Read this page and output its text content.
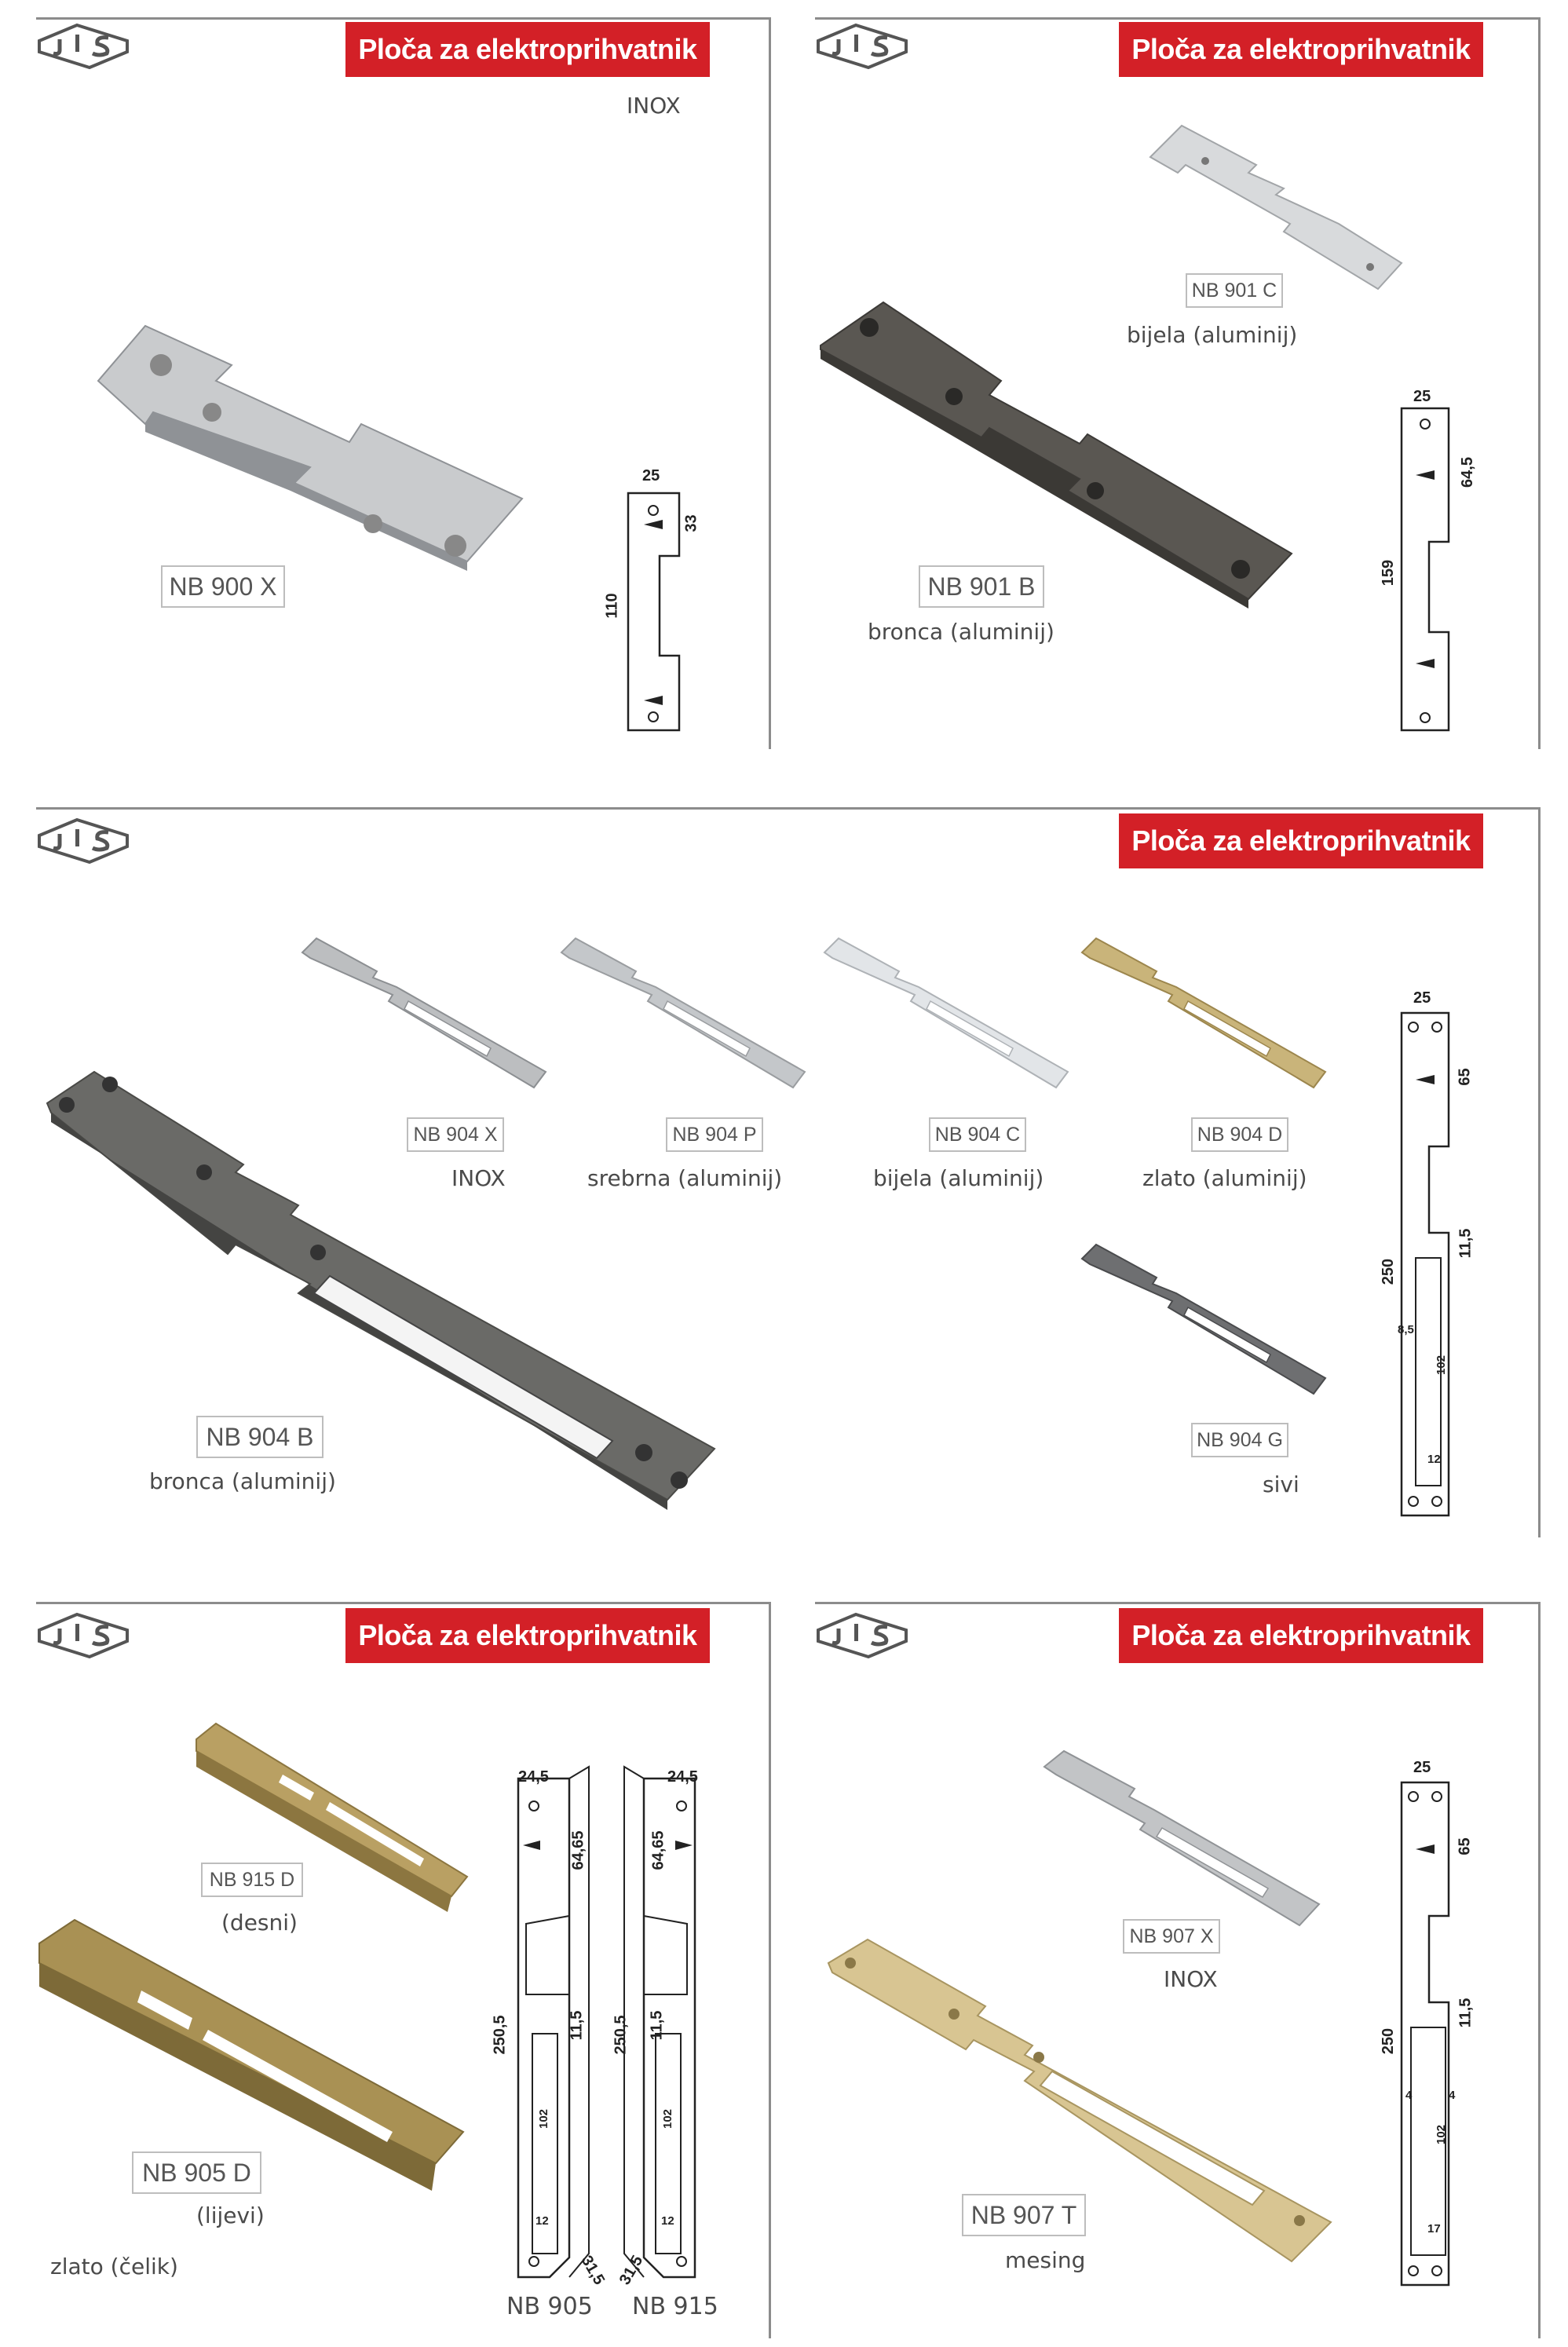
Ploča za elektroprihvatnik
INOX
NB 900 X
25
33
110
Ploča za elektroprihvatnik
NB 901 C
bijela (aluminij)
NB 901 B
bronca (aluminij)
25
64,5
159
Ploča za elektroprihvatnik
NB 904 X
INOX
NB 904 P
srebrna (aluminij)
NB 904 C
bijela (aluminij)
NB 904 D
zlato (aluminij)
NB 904 G
sivi
NB 904 B
bronca (aluminij)
25
65
11,5
250
8,5
102
12
Ploča za elektroprihvatnik
NB 915 D
(desni)
NB 905 D
(lijevi)
zlato (čelik)
24,5	24,5
64,65	64,65
250,5	250,5
11,5	11,5
102	102
12	12
31,5 31,5
NB 905 NB 915
Ploča za elektroprihvatnik
NB 907 X
INOX
NB 907 T
mesing
25
65
11,5
250
4	4
102
17
